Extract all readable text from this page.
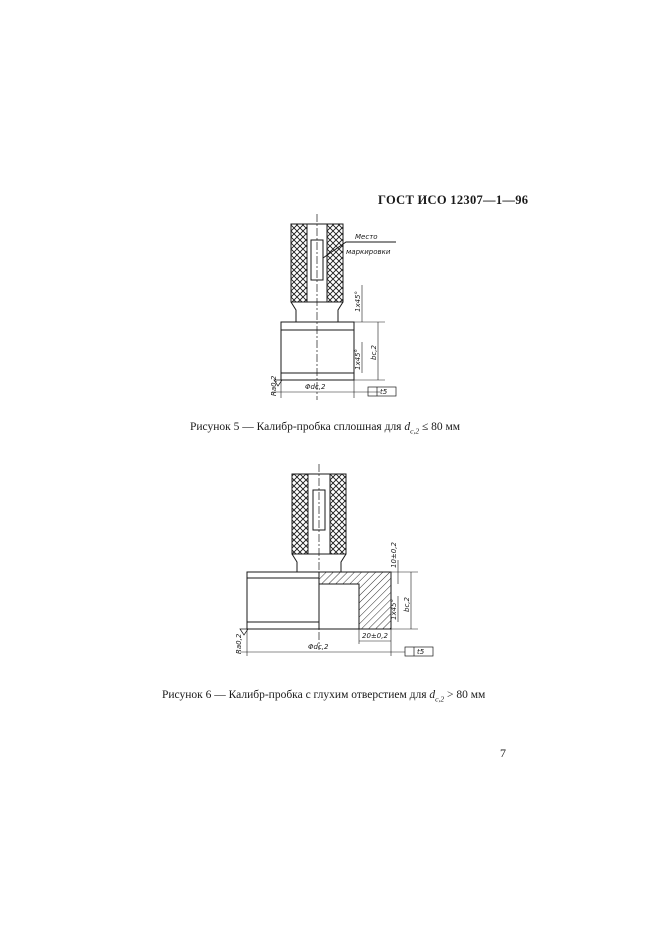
ГОСТ ИСО 12307—1—96
Место
маркировки
1x45°
1x45° bc,2
Φdc,2
Ra0,2	t5
10±0,2
1x45° bc,2
20±0,2
Φdc,2
Ra0,2	t5
Рисунок 5 — Калибр-пробка сплошная для $d_{c,2} \le 80$ мм
Рисунок 6 — Калибр-пробка с глухим отверстием для $d_{c,2} > 80$ мм
7
